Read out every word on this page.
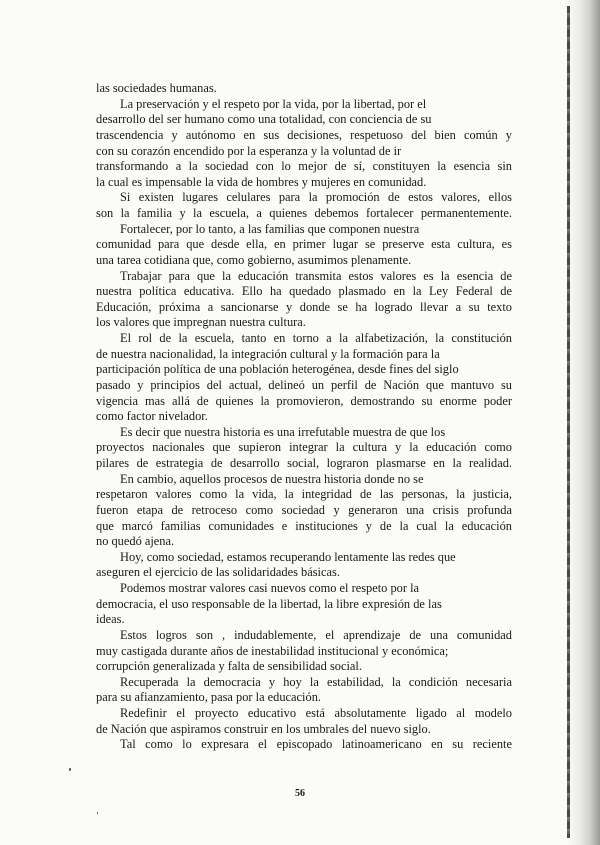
las sociedades humanas.
La preservación y el respeto por la vida, por la libertad, por el
desarrollo del ser humano como una totalidad, con conciencia de su
trascendencia y autónomo en sus decisiones, respetuoso del bien común y
con su corazón encendido por la esperanza y la voluntad de ir
transformando a la sociedad con lo mejor de sí, constituyen la esencia sin
la cual es impensable la vida de hombres y mujeres en comunidad.
Si existen lugares celulares para la promoción de estos valores, ellos
son la familia y la escuela, a quienes debemos fortalecer permanentemente.
Fortalecer, por lo tanto, a las familias que componen nuestra
comunidad para que desde ella, en primer lugar se preserve esta cultura, es
una tarea cotidiana que, como gobierno, asumimos plenamente.
Trabajar para que la educación transmita estos valores es la esencia de
nuestra política educativa. Ello ha quedado plasmado en la Ley Federal de
Educación, próxima a sancionarse y donde se ha logrado llevar a su texto
los valores que impregnan nuestra cultura.
El rol de la escuela, tanto en torno a la alfabetización, la constitución
de nuestra nacionalidad, la integración cultural y la formación para la
participación política de una población heterogénea, desde fines del siglo
pasado y principios del actual, delineó un perfil de Nación que mantuvo su
vigencia mas allá de quienes la promovieron, demostrando su enorme poder
como factor nivelador.
Es decir que nuestra historia es una irrefutable muestra de que los
proyectos nacionales que supieron integrar la cultura y la educación como
pilares de estrategia de desarrollo social, lograron plasmarse en la realidad.
En cambio, aquellos procesos de nuestra historia donde no se
respetaron valores como la vida, la integridad de las personas, la justicia,
fueron etapa de retroceso como sociedad y generaron una crisis profunda
que marcó familias comunidades e instituciones y de la cual la educación
no quedó ajena.
Hoy, como sociedad, estamos recuperando lentamente las redes que
aseguren el ejercicio de las solidaridades básicas.
Podemos mostrar valores casi nuevos como el respeto por la
democracia, el uso responsable de la libertad, la libre expresión de las
ideas.
Estos logros son , indudablemente, el aprendizaje de una comunidad
muy castigada durante años de inestabilidad institucional y económica;
corrupción generalizada y falta de sensibilidad social.
Recuperada la democracia y hoy la estabilidad, la condición necesaria
para su afianzamiento, pasa por la educación.
Redefinir el proyecto educativo está absolutamente ligado al modelo
de Nación que aspiramos construir en los umbrales del nuevo siglo.
Tal como lo expresara el episcopado latinoamericano en su reciente
56
